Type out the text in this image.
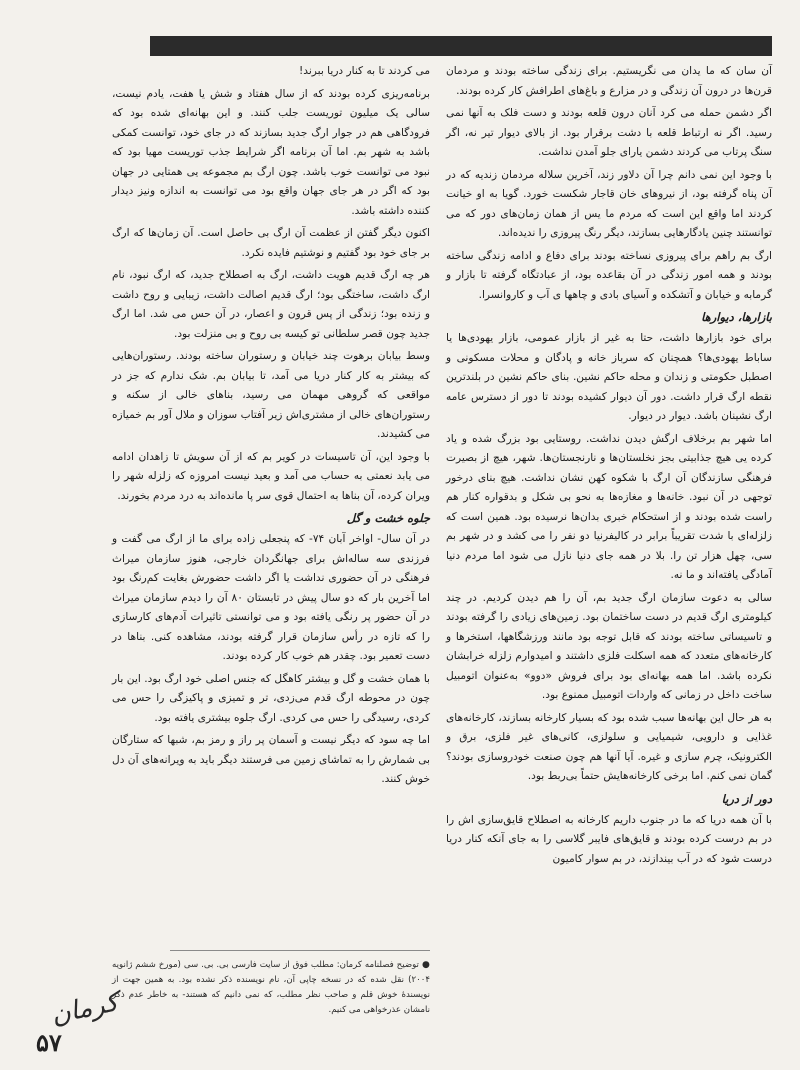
آن سان که ما یدان می نگریستیم. برای زندگی ساخته بودند و مردمان قرن‌ها در درون آن زندگی و در مزارع و باغ‌های اطرافش کار کرده بودند.

اگر دشمن حمله می کرد آنان درون قلعه بودند و دست فلک به آنها نمی رسید. اگر نه ارتباط قلعه با دشت برقرار بود. از بالای دیوار تیر نه، اگر سنگ پرتاب می کردند دشمن یارای جلو آمدن نداشت.

با وجود این نمی دانم چرا آن دلاور زند، آخرین سلاله مردمان زندیه که در آن پناه گرفته بود، از نیروهای خان قاجار شکست خورد. گویا به او خیانت کردند اما واقع این است که مردم ما یس از همان زمان‌های دور که می توانستند چنین یادگارهایی بسازند، دیگر رنگ پیروزی را ندیده‌اند.

ارگ بم راهم برای پیروزی نساخته بودند برای دفاع و ادامه زندگی ساخته بودند و همه امور زندگی در آن بقاعده بود، از عبادتگاه گرفته تا بازار و گرمابه و خیابان و آتشکده و آسیای بادی و چاهها ی آب و کاروانسرا.

بازارها، دیوارها

برای خود بازارها داشت، حتا به غیر از بازار عمومی، بازار یهودی‌ها یا ساباط یهودی‌ها؟ همچنان که سرباز خانه و پادگان و محلات مسکونی و اصطبل حکومتی و زندان و محله حاکم نشین. بنای حاکم نشین در بلندترین نقطه ارگ قرار داشت. دور آن دیوار کشیده بودند تا دور از دسترس عامه ارگ نشینان باشد. دیوار در دیوار.

اما شهر بم برخلاف ارگش دیدن نداشت. روستایی بود بزرگ شده و یاد کرده یی هیچ جذابیتی بجز نخلستان‌ها و نارنجستان‌ها. شهر، هیچ از بصیرت فرهنگی سازندگان آن ارگ با شکوه کهن نشان نداشت. هیچ بنای درخور توجهی در آن نبود. خانه‌ها و مغازه‌ها به نحو بی شکل و بدقواره کنار هم راست شده بودند و از استحکام خبری بدان‌ها نرسیده بود. همین است که زلزله‌ای با شدت تقریباً برابر در کالیفرنیا دو نفر را می کشد و در شهر بم سی، چهل هزار تن را. بلا در همه جای دنیا نازل می شود اما مردم دنیا آمادگی یافته‌اند و ما نه.

سالی به دعوت سازمان ارگ جدید بم، آن را هم دیدن کردیم. در چند کیلومتری ارگ قدیم در دست ساختمان بود. زمین‌های زیادی را گرفته بودند و تاسیساتی ساخته بودند که قابل توجه بود مانند ورزشگاهها، استخرها و کارخانه‌های متعدد که همه اسکلت فلزی داشتند و امیدوارم زلزله خرابشان نکرده باشد. اما همه بهانه‌ای بود برای فروش «دوو» به‌عنوان اتومبیل ساخت داخل در زمانی که واردات اتومبیل ممنوع بود.

به هر حال این بهانه‌ها سبب شده بود که بسیار کارخانه بسازند، کارخانه‌های غذایی و دارویی، شیمیایی و سلولزی، کانی‌های غیر فلزی، برق و الکترونیک، چرم سازی و غیره. آیا آنها هم چون صنعت خودروسازی بودند؟ گمان نمی کنم. اما برخی کارخانه‌هایش حتماً بی‌ربط بود.

دور از دریا

با آن همه دریا که ما در جنوب داریم کارخانه به اصطلاح قایق‌سازی اش را در بم درست کرده بودند و قایق‌های فایبر گلاسی را به جای آنکه کنار دریا درست شود که در آب بیندازند، در بم سوار کامیون

می کردند تا به کنار دریا ببرند!

برنامه‌ریزی کرده بودند که از سال هفتاد و شش یا هفت، یادم نیست، سالی یک میلیون توریست جلب کنند. و این بهانه‌ای شده بود که فرودگاهی هم در جوار ارگ جدید بسازند که در جای خود، توانست کمکی باشد به شهر بم. اما آن برنامه اگر شرایط جذب توریست مهیا بود که نبود می توانست خوب باشد. چون ارگ بم مجموعه یی همتایی در جهان بود که اگر در هر جای جهان واقع بود می توانست به اندازه ونیز دیدار کننده داشته باشد.

اکنون دیگر گفتن از عظمت آن ارگ بی حاصل است. آن زمان‌ها که ارگ بر جای خود بود گفتیم و نوشتیم فایده نکرد.

هر چه ارگ قدیم هویت داشت، ارگ به اصطلاح جدید، که ارگ نبود، نام ارگ داشت، ساختگی بود؛ ارگ قدیم اصالت داشت، زیبایی و روح داشت و زنده بود؛ زندگی از پس قرون و اعصار، در آن حس می شد. اما ارگ جدید چون قصر سلطانی تو کیسه بی روح و بی منزلت بود.

وسط بیابان برهوت چند خیابان و رستوران ساخته بودند. رستوران‌هایی که بیشتر به کار کنار دریا می آمد، تا بیابان بم. شک ندارم که جز در مواقعی که گروهی مهمان می رسید، بناهای خالی از سکنه و رستوران‌های خالی از مشتری‌اش زیر آفتاب سوزان و ملال آور بم خمیازه می کشیدند.

با وجود این، آن تاسیسات در کویر بم که از آن سویش تا زاهدان ادامه می یابد نعمتی به حساب می آمد و بعید نیست امروزه که زلزله شهر را ویران کرده، آن بناها به احتمال قوی سر پا مانده‌اند به درد مردم بخورند.

جلوه خشت و گل

در آن سال- اواخر آبان ۷۴- که پنجعلی زاده برای ما از ارگ می گفت و فرزندی سه ساله‌اش برای جهانگردان خارجی، هنوز سازمان میراث فرهنگی در آن حضوری نداشت یا اگر داشت حضورش بغایت کم‌رنگ بود اما آخرین بار که دو سال پیش در تابستان ۸۰ آن را دیدم سازمان میراث در آن حضور پر رنگی یافته بود و می توانستی تاثیرات آدم‌های کارسازی را که تازه در رأس سازمان قرار گرفته بودند، مشاهده کنی. بناها در دست تعمیر بود. چقدر هم خوب کار کرده بودند.

با همان خشت و گل و بیشتر کاهگل که جنس اصلی خود ارگ بود. این بار چون در محوطه ارگ قدم می‌زدی، تر و تمیزی و پاکیزگی را حس می کردی، رسیدگی را حس می کردی. ارگ جلوه بیشتری یافته بود.

اما چه سود که دیگر نیست و آسمان پر راز و رمز بم، شبها که ستارگان بی شمارش را به تماشای زمین می فرستند دیگر باید به ویرانه‌های آن دل خوش کنند.

●توضیح فصلنامه کرمان: مطلب فوق از سایت فارسی بی. بی. سی (مورخ ششم ژانویه ۲۰۰۴) نقل شده که در نسخه چاپی آن، نام نویسنده ذکر نشده بود. به همین جهت از نویسندهٔ خوش قلم و صاحب نظر مطلب، که نمی دانیم که هستند- به خاطر عدم ذکر نامشان عذرخواهی می کنیم.
کرمان
۵۷
